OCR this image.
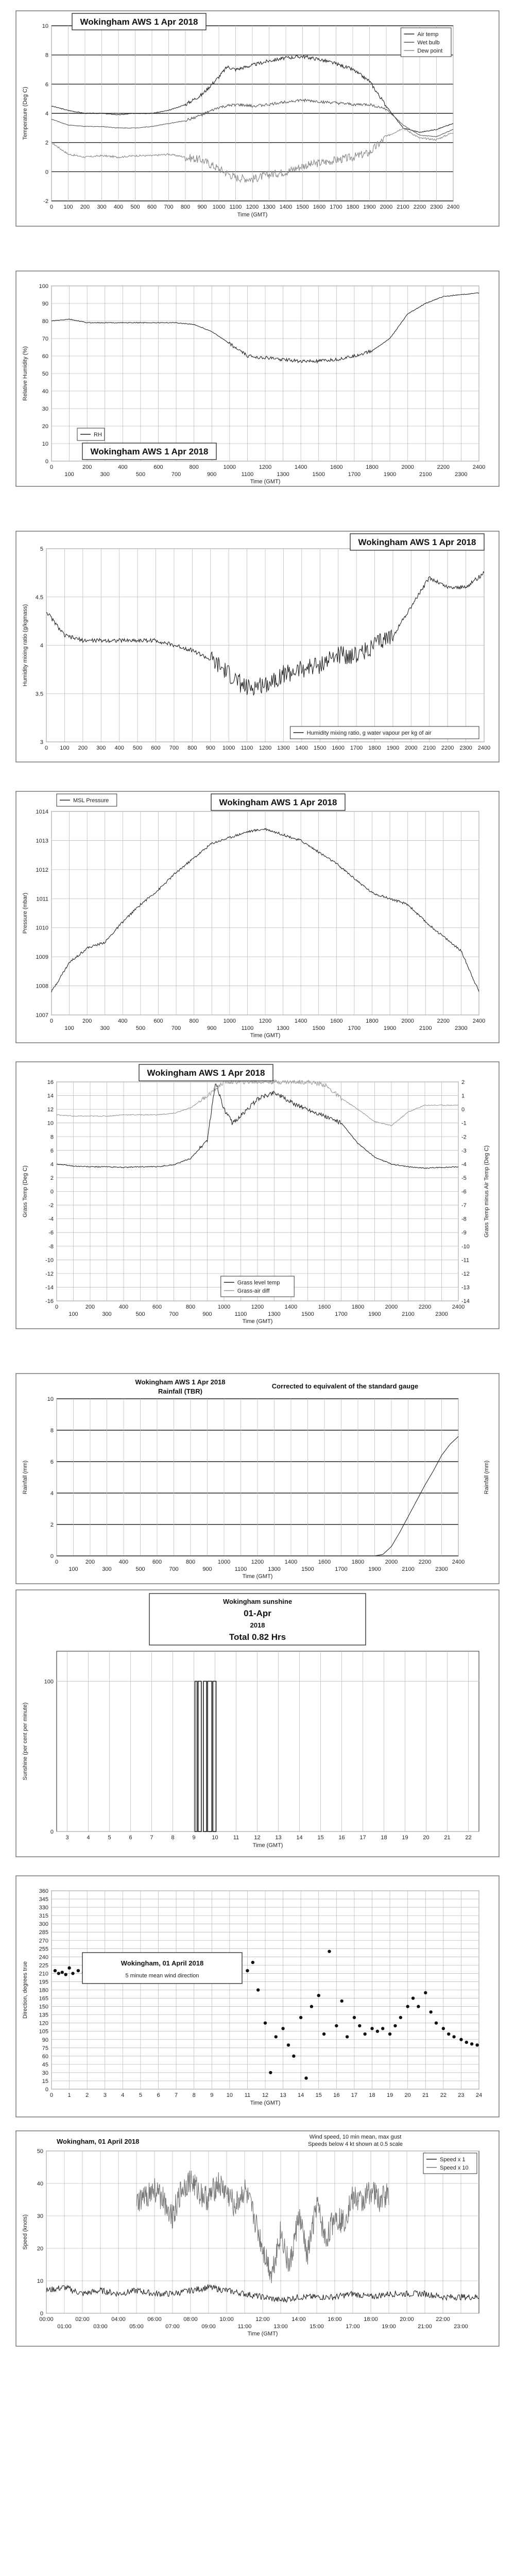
-2
0
2
4
6
8
10
0 100 200 300 400 500 600 700 800 900 1000 1100 1200 1300 1400 1500 1600 1700 1800 1900 2000 2100 2200 2300 2400
Time (GMT)
Temperature (Deg C)
Wokingham AWS 1 Apr 2018
Air temp
Wet bulb
Dew point
0
10
20
30
40
50
60
70
80
90
100
0	200	400	600	800	1000	1200	1400	1600	1800	2000	2200	2400
100	300	500	700	900	1100	1300	1500	1700	1900	2100	2300
Time (GMT)
Relative Humidity (%)
Wokingham AWS 1 Apr 2018
RH
3
3.5
4
4.5
5
0 100 200 300 400 500 600 700 800 900 1000 1100 1200 1300 1400 1500 1600 1700 1800 1900 2000 2100 2200 2300 2400
Humidity mixing ratio (g/kgmass)
Wokingham AWS 1 Apr 2018
Humidity mixing ratio, g water vapour per kg of air
1007
1008
1009
1010
1011
1012
1013
1014
0	200	400	600	800	1000	1200	1400	1600	1800	2000	2200	2400
100	300	500	700	900	1100	1300	1500	1700	1900	2100	2300
Time (GMT)
Pressure (mbar)
Wokingham AWS 1 Apr 2018
MSL Pressure
-16
-14
-12
-10
-8
-6
-4
-2
0
2
4
6
8
10
12
14
16
-14
-13
-12
-11
-10
-9
-8
-7
-6
-5
-4
-3
-2
-1
0
1
2
0	200	400	600	800	1000	1200	1400	1600	1800	2000	2200	2400
100	300	500	700	900	1100	1300	1500	1700	1900	2100	2300
Time (GMT)
Grass Temp (Deg C)	Grass Temp minus Air Temp (Deg C)
Wokingham AWS 1 Apr 2018
Grass level temp
Grass-air diff
0
2
4
6
8
10
0	200	400	600	800	1000	1200	1400	1600	1800	2000	2200	2400
100	300	500	700	900	1100	1300	1500	1700	1900	2100	2300
Time (GMT)
Rainfall (mm)	Rainfall (mm)
Wokingham AWS 1 Apr 2018
Rainfall (TBR)
Corrected to equivalent of the standard gauge
0
100
3	4	5	6	7	8	9	10	11	12	13	14	15	16	17	18	19	20	21	22
Time (GMT)
Sunshine (per cent per minute)
Wokingham sunshine
01-Apr
2018
Total 0.82 Hrs
0
15
30
45
60
75
90
105
120
135
150
165
180
195
210
225
240
255
270
285
300
315
330
345
360
0	1	2	3	4	5	6	7	8	9 10 11 12 13 14 15 16 17 18 19 20 21 22 23 24
Time (GMT)
Direction, degrees true	Wokingham, 01 April 2018
5 minute mean wind direction
0
10
20
30
40
50
00:00	02:00	04:00	06:00	08:00	10:00	12:00	14:00	16:00	18:00	20:00	22:00
01:00	03:00	05:00	07:00	09:00	11:00	13:00	15:00	17:00	19:00	21:00	23:00
Time (GMT)
Speed (knots)
Wokingham, 01 April 2018
Wind speed, 10 min mean, max gust
Speeds below 4 kt shown at 0.5 scale
Speed x 1
Speed x 10
